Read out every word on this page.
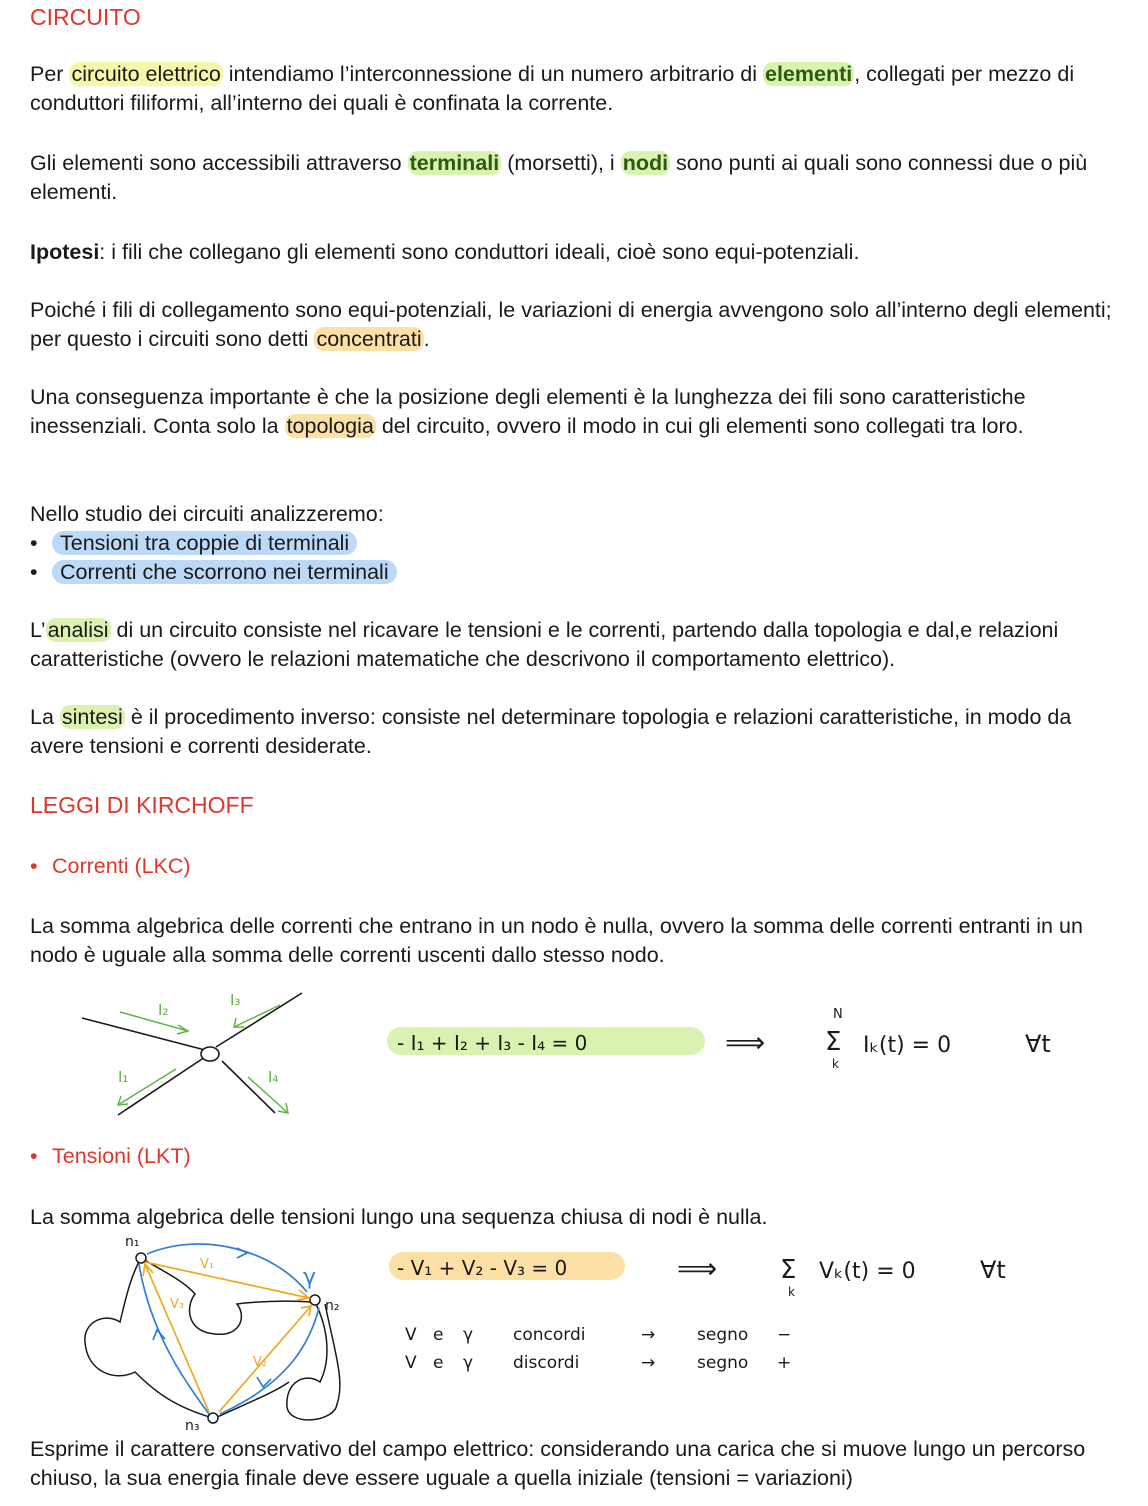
CIRCUITO

Per circuito elettrico intendiamo l’interconnessione di un numero arbitrario di elementi, collegati per mezzo di conduttori filiformi, all’interno dei quali è confinata la corrente.

Gli elementi sono accessibili attraverso terminali (morsetti), i nodi sono punti ai quali sono connessi due o più elementi.

Ipotesi: i fili che collegano gli elementi sono conduttori ideali, cioè sono equi-potenziali.

Poiché i fili di collegamento sono equi-potenziali, le variazioni di energia avvengono solo all’interno degli elementi; per questo i circuiti sono detti concentrati.

Una conseguenza importante è che la posizione degli elementi è la lunghezza dei fili sono caratteristiche inessenziali. Conta solo la topologia del circuito, ovvero il modo in cui gli elementi sono collegati tra loro.

Nello studio dei circuiti analizzeremo:
• Tensioni tra coppie di terminali
• Correnti che scorrono nei terminali

L’analisi di un circuito consiste nel ricavare le tensioni e le correnti, partendo dalla topologia e dal,e relazioni caratteristiche (ovvero le relazioni matematiche che descrivono il comportamento elettrico).

La sintesi è il procedimento inverso: consiste nel determinare topologia e relazioni caratteristiche, in modo da avere tensioni e correnti desiderate.

LEGGI DI KIRCHOFF
• Correnti (LKC)

La somma algebrica delle correnti che entrano in un nodo è nulla, ovvero la somma delle correnti entranti in un nodo è uguale alla somma delle correnti uscenti dallo stesso nodo.

I₂
I₃
I₁	I₄
- I₁ + I₂ + I₃ - I₄ = 0	⟹
N
Σ
k
Iₖ(t) = 0	∀t
• Tensioni (LKT)

La somma algebrica delle tensioni lungo una sequenza chiusa di nodi è nulla.

Esprime il carattere conservativo del campo elettrico: considerando una carica che si muove lungo un percorso chiuso, la sua energia finale deve essere uguale a quella iniziale (tensioni = variazioni)

n₁
n₂
n₃
V₁
V₃
V₂
γ	- V₁ + V₂ - V₃ = 0	⟹ Σ
k
Vₖ(t) = 0	∀t
V e γ concordi	→ segno −
V e γ discordi	→ segno +
